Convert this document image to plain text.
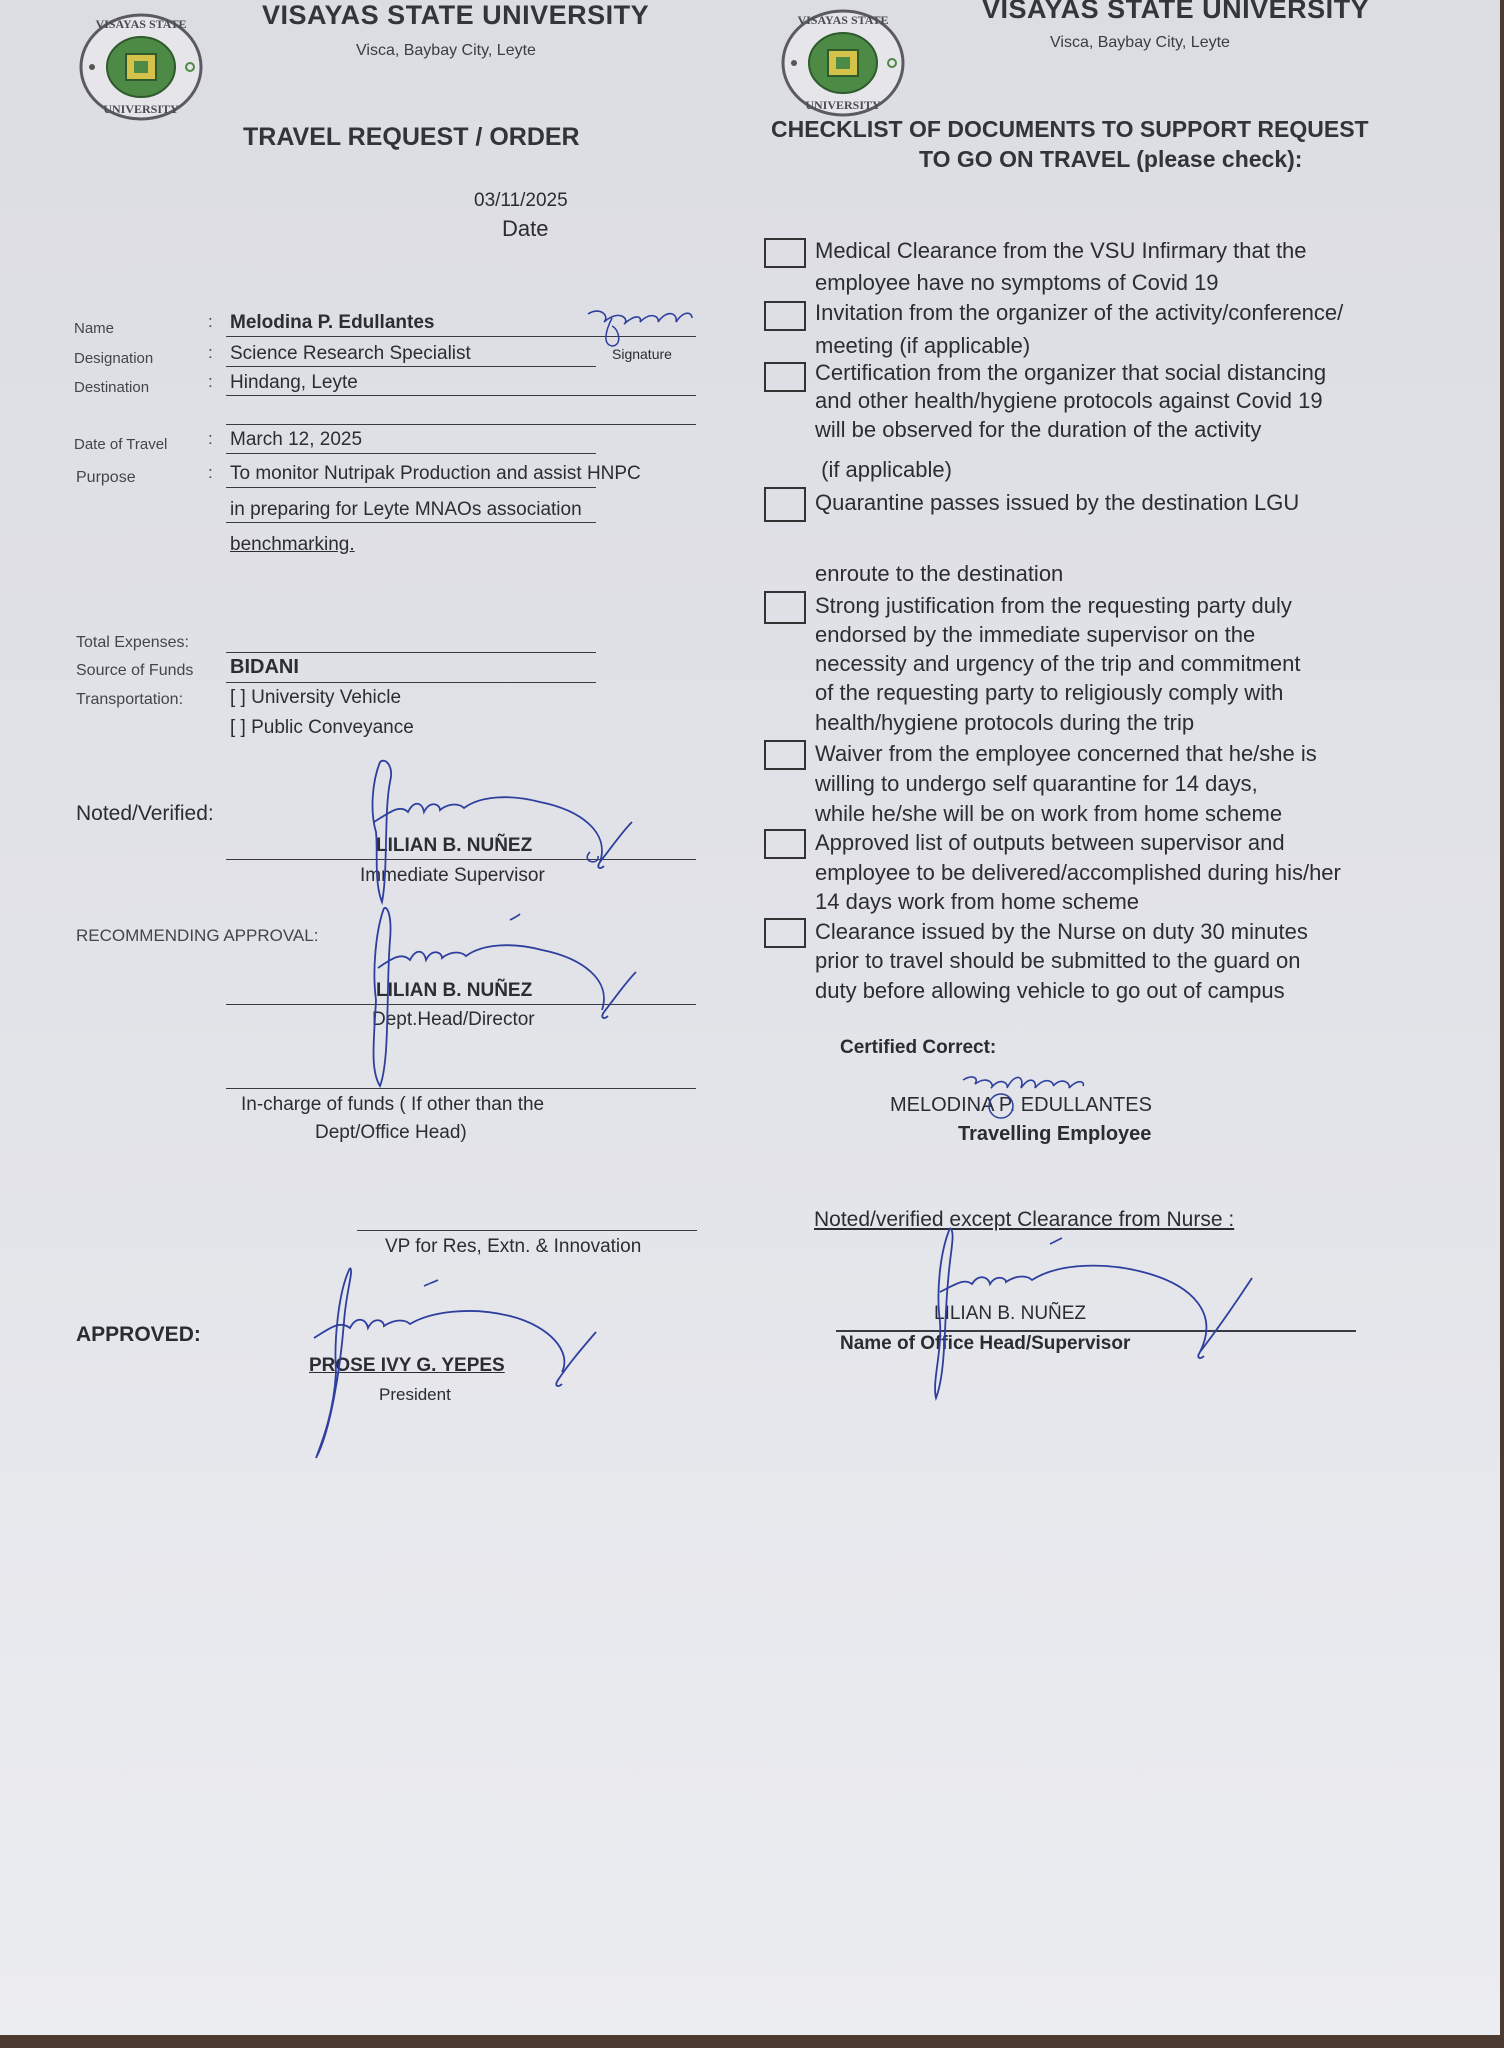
VISAYAS STATE
UNIVERSITY
VISAYAS STATE UNIVERSITY
Visca, Baybay City, Leyte
TRAVEL REQUEST / ORDER
03/11/2025
Date
VISAYAS STATE
UNIVERSITY
VISAYAS STATE UNIVERSITY
Visca, Baybay City, Leyte
CHECKLIST OF DOCUMENTS TO SUPPORT REQUEST
TO GO ON TRAVEL (please check):
Name	: Melodina P. Edullantes
Signature
Designation	: Science Research Specialist
Destination	: Hindang, Leyte
Date of Travel : March 12, 2025
Purpose	: To monitor Nutripak Production and assist HNPC
in preparing for Leyte MNAOs association
benchmarking.
Total Expenses:
Source of Funds BIDANI
Transportation: [ ] University Vehicle
[ ] Public Conveyance
Noted/Verified:
LILIAN B. NUÑEZ
Immediate Supervisor
RECOMMENDING APPROVAL:
LILIAN B. NUÑEZ
Dept.Head/Director
In-charge of funds ( If other than the
Dept/Office Head)
VP for Res, Extn. & Innovation
APPROVED:
PROSE IVY G. YEPES
President
Medical Clearance from the VSU Infirmary that the
employee have no symptoms of Covid 19
Invitation from the organizer of the activity/conference/
meeting (if applicable)
Certification from the organizer that social distancing
and other health/hygiene protocols against Covid 19
will be observed for the duration of the activity
(if applicable)
Quarantine passes issued by the destination LGU
enroute to the destination
Strong justification from the requesting party duly
endorsed by the immediate supervisor on the
necessity and urgency of the trip and commitment
of the requesting party to religiously comply with
health/hygiene protocols during the trip
Waiver from the employee concerned that he/she is
willing to undergo self quarantine for 14 days,
while he/she will be on work from home scheme
Approved list of outputs between supervisor and
employee to be delivered/accomplished during his/her
14 days work from home scheme
Clearance issued by the Nurse on duty 30 minutes
prior to travel should be submitted to the guard on
duty before allowing vehicle to go out of campus
Certified Correct:
MELODINA P. EDULLANTES
Travelling Employee
Noted/verified except Clearance from Nurse :
LILIAN B. NUÑEZ
Name of Office Head/Supervisor
